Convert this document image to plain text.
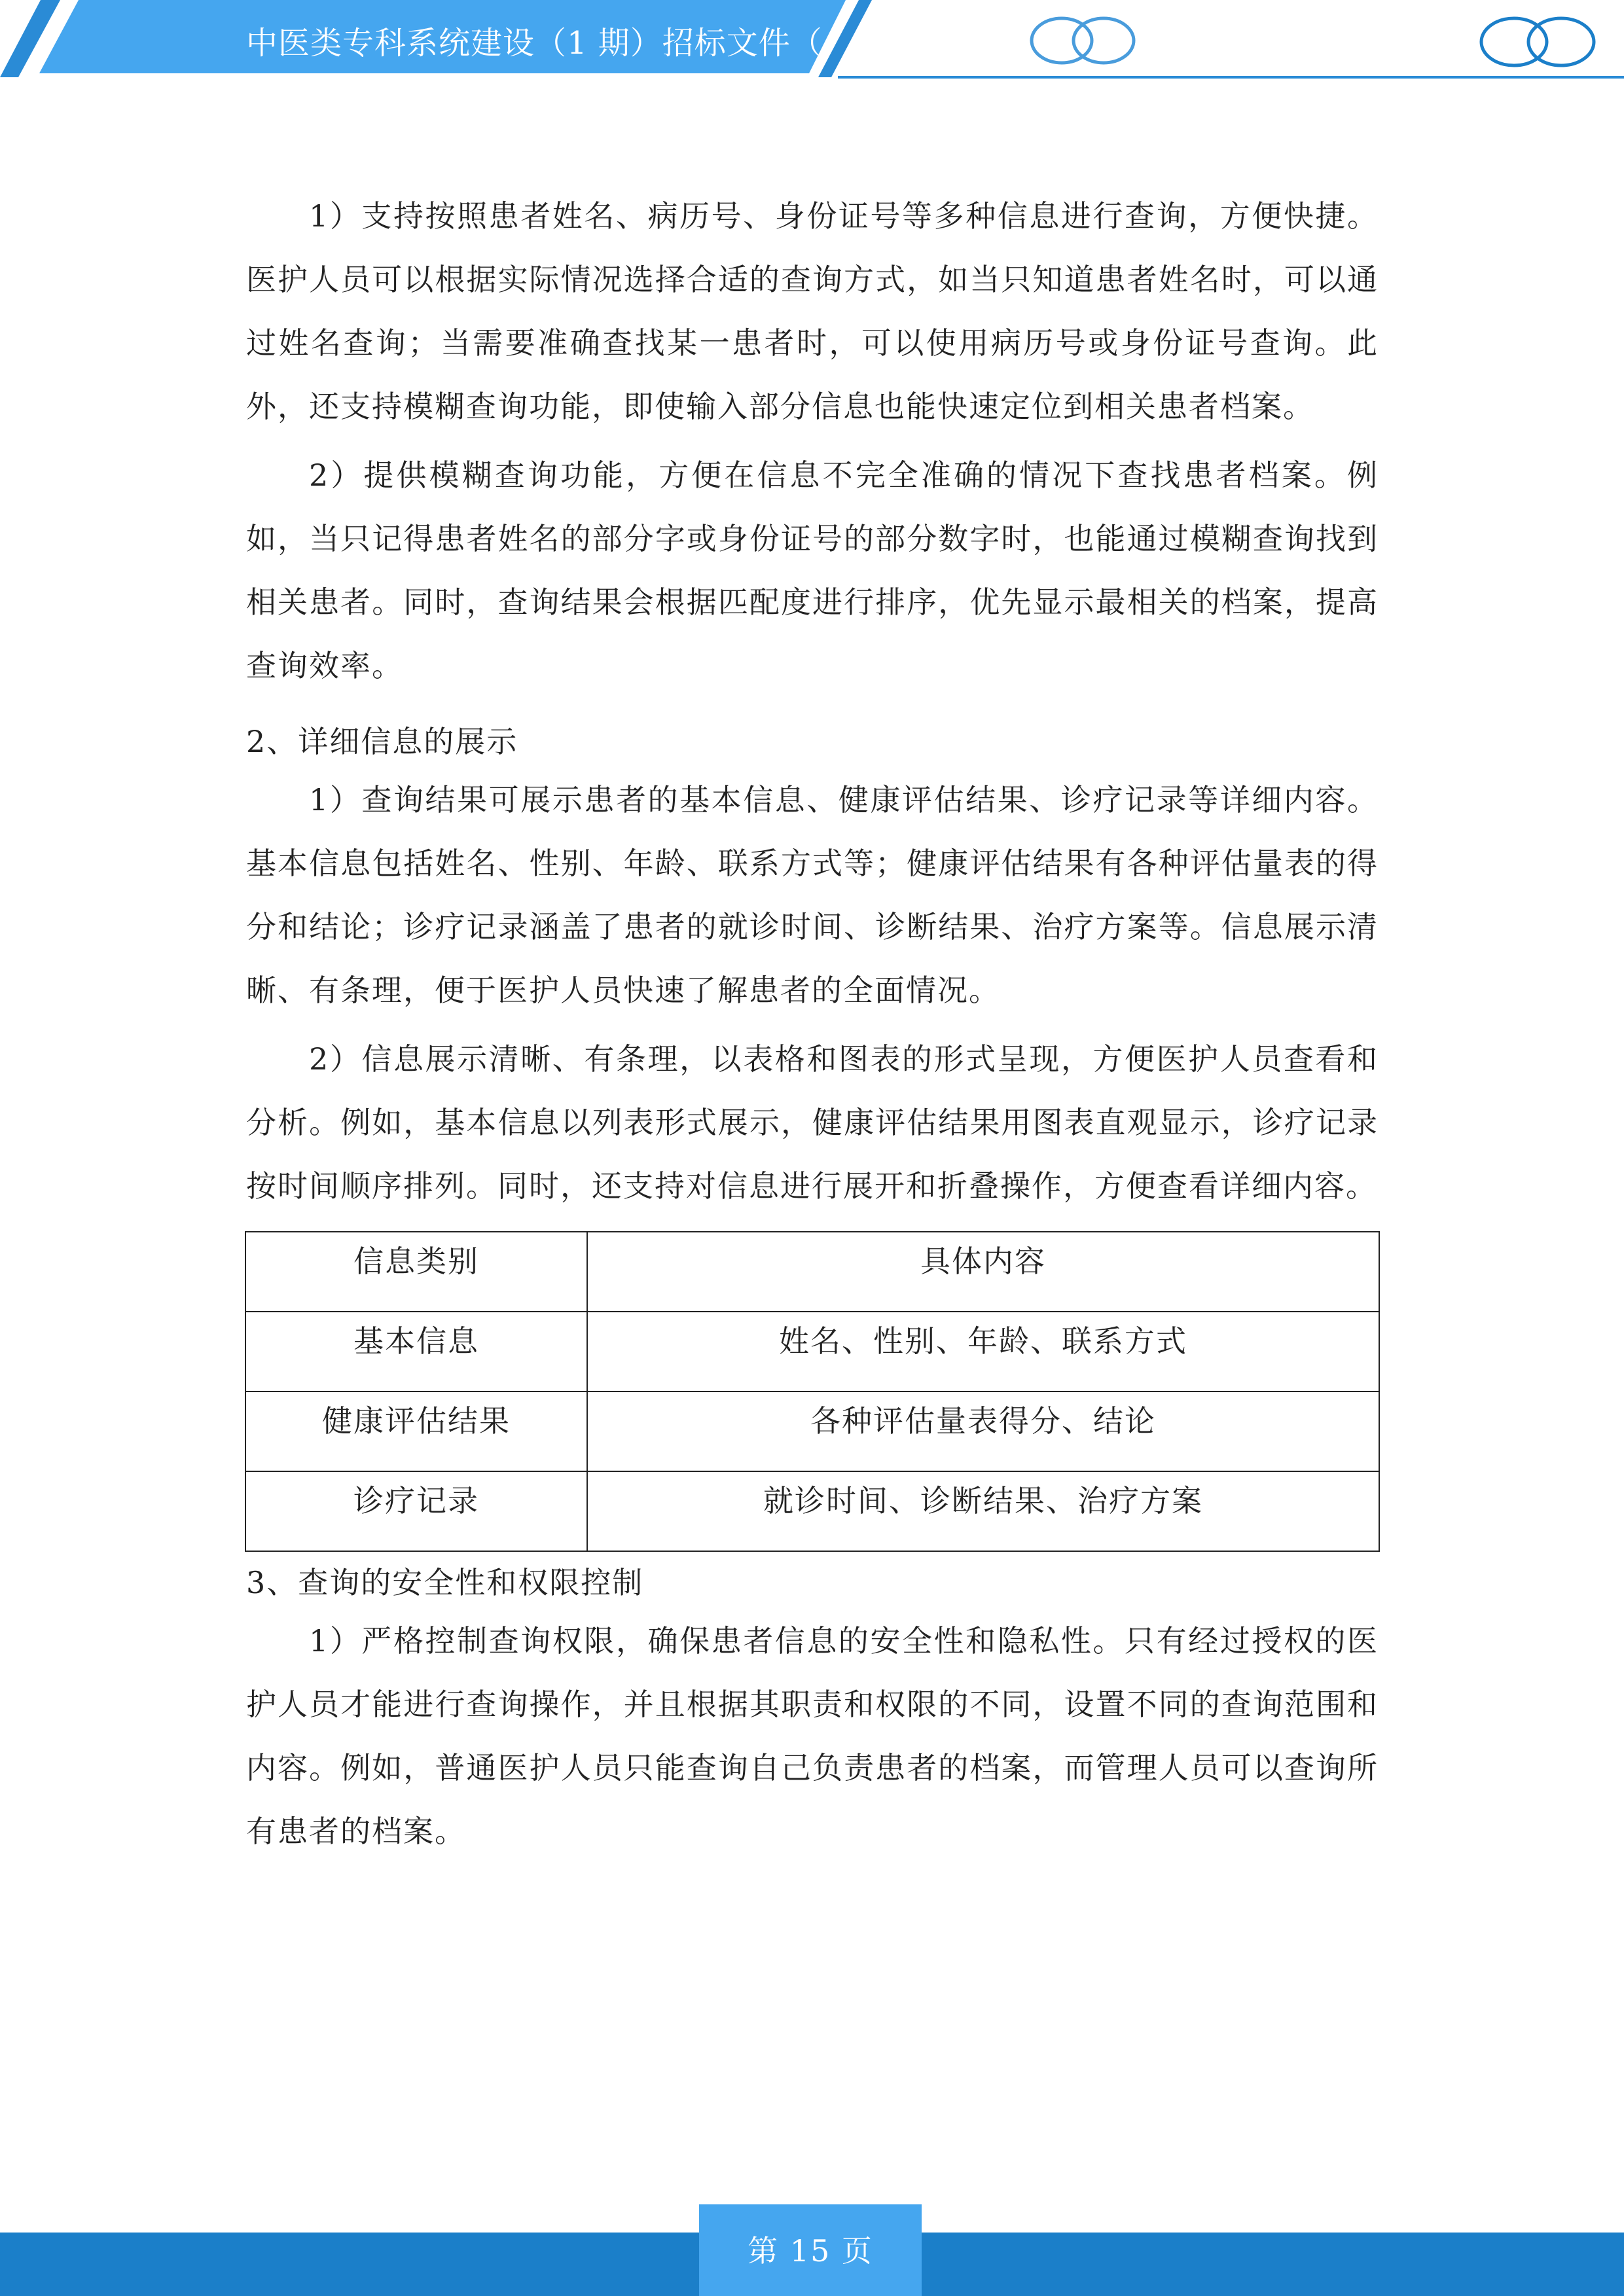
中医类专科系统建设（1 期）招标文件（

1）支持按照患者姓名、病历号、身份证号等多种信息进行查询，方便快捷。医护人员可以根据实际情况选择合适的查询方式，如当只知道患者姓名时，可以通过姓名查询；当需要准确查找某一患者时，可以使用病历号或身份证号查询。此外，还支持模糊查询功能，即使输入部分信息也能快速定位到相关患者档案。

2）提供模糊查询功能，方便在信息不完全准确的情况下查找患者档案。例如，当只记得患者姓名的部分字或身份证号的部分数字时，也能通过模糊查询找到相关患者。同时，查询结果会根据匹配度进行排序，优先显示最相关的档案，提高查询效率。

2、详细信息的展示

1）查询结果可展示患者的基本信息、健康评估结果、诊疗记录等详细内容。基本信息包括姓名、性别、年龄、联系方式等；健康评估结果有各种评估量表的得分和结论；诊疗记录涵盖了患者的就诊时间、诊断结果、治疗方案等。信息展示清晰、有条理，便于医护人员快速了解患者的全面情况。

2）信息展示清晰、有条理，以表格和图表的形式呈现，方便医护人员查看和分析。例如，基本信息以列表形式展示，健康评估结果用图表直观显示，诊疗记录按时间顺序排列。同时，还支持对信息进行展开和折叠操作，方便查看详细内容。

信息类别	具体内容
基本信息	姓名、性别、年龄、联系方式
健康评估结果	各种评估量表得分、结论
诊疗记录	就诊时间、诊断结果、治疗方案

3、查询的安全性和权限控制

1）严格控制查询权限，确保患者信息的安全性和隐私性。只有经过授权的医护人员才能进行查询操作，并且根据其职责和权限的不同，设置不同的查询范围和内容。例如，普通医护人员只能查询自己负责患者的档案，而管理人员可以查询所有患者的档案。

第 15 页
